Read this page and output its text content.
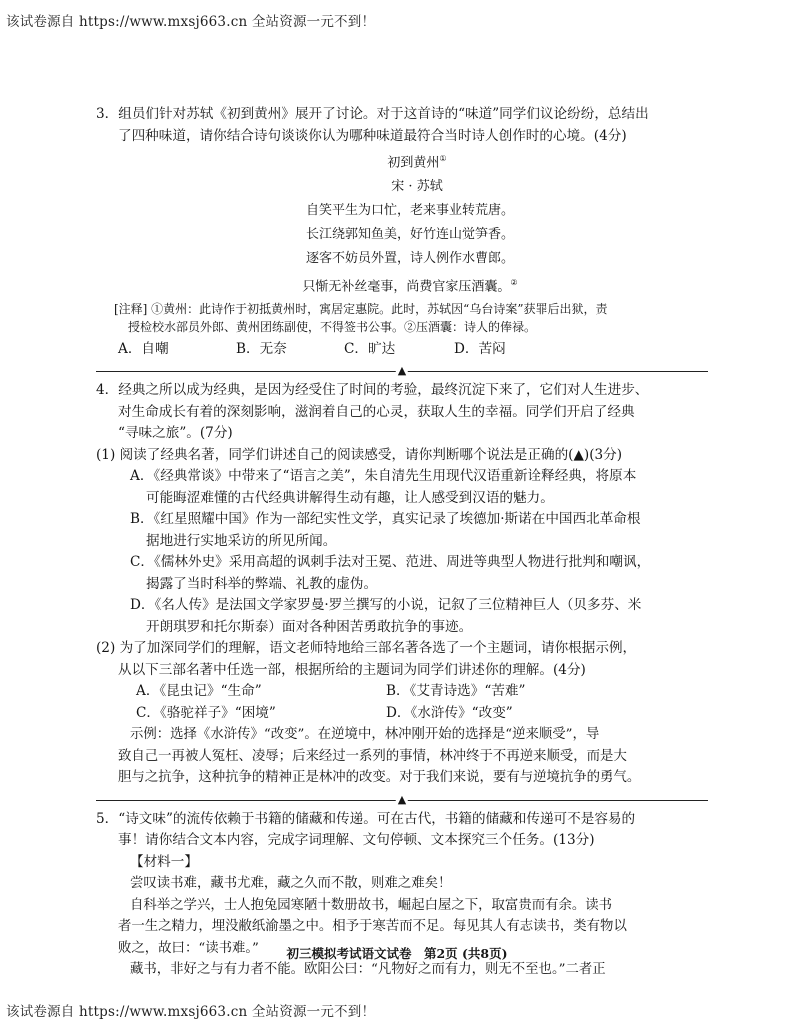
该试卷源自 https://www.mxsj663.cn 全站资源一元不到！
3．组员们针对苏轼《初到黄州》展开了讨论。对于这首诗的“味道”同学们议论纷纷，总结出
了四种味道，请你结合诗句谈谈你认为哪种味道最符合当时诗人创作时的心境。(4分)
初到黄州①
宋 · 苏轼
自笑平生为口忙，老来事业转荒唐。
长江绕郭知鱼美，好竹连山觉笋香。
逐客不妨员外置，诗人例作水曹郎。
只惭无补丝毫事，尚费官家压酒囊。②
[注释] ①黄州：此诗作于初抵黄州时，寓居定惠院。此时，苏轼因“乌台诗案”获罪后出狱，责
授检校水部员外郎、黄州团练副使，不得签书公事。②压酒囊：诗人的俸禄。
A．自嘲	B．无奈	C．旷达	D．苦闷
▲
4．经典之所以成为经典，是因为经受住了时间的考验，最终沉淀下来了，它们对人生进步、
对生命成长有着的深刻影响，滋润着自己的心灵，获取人生的幸福。同学们开启了经典
“寻味之旅”。(7分)
(1) 阅读了经典名著，同学们讲述自己的阅读感受，请你判断哪个说法是正确的(▲)(3分)
A．《经典常谈》中带来了“语言之美”，朱自清先生用现代汉语重新诠释经典，将原本
可能晦涩难懂的古代经典讲解得生动有趣，让人感受到汉语的魅力。
B．《红星照耀中国》作为一部纪实性文学，真实记录了埃德加·斯诺在中国西北革命根
据地进行实地采访的所见所闻。
C．《儒林外史》采用高超的讽刺手法对王冕、范进、周进等典型人物进行批判和嘲讽，
揭露了当时科举的弊端、礼教的虚伪。
D．《名人传》是法国文学家罗曼·罗兰撰写的小说，记叙了三位精神巨人（贝多芬、米
开朗琪罗和托尔斯泰）面对各种困苦勇敢抗争的事迹。
(2) 为了加深同学们的理解，语文老师特地给三部名著各选了一个主题词，请你根据示例，
从以下三部名著中任选一部，根据所给的主题词为同学们讲述你的理解。(4分)
A．《昆虫记》“生命”	B．《艾青诗选》“苦难”
C．《骆驼祥子》“困境”	D．《水浒传》“改变”
示例：选择《水浒传》“改变”。在逆境中，林冲刚开始的选择是“逆来顺受”，导
致自己一再被人冤枉、凌辱；后来经过一系列的事情，林冲终于不再逆来顺受，而是大
胆与之抗争，这种抗争的精神正是林冲的改变。对于我们来说，要有与逆境抗争的勇气。
▲
5．“诗文味”的流传依赖于书籍的储藏和传递。可在古代，书籍的储藏和传递可不是容易的
事！请你结合文本内容，完成字词理解、文句停顿、文本探究三个任务。(13分)
【材料一】
尝叹读书难，藏书尤难，藏之久而不散，则难之难矣！
自科举之学兴，士人抱兔园寒陋十数册故书，崛起白屋之下，取富贵而有余。读书
者一生之精力，埋没敝纸渝墨之中。相予于寒苦而不足。每见其人有志读书，类有物以
败之，故曰：“读书难。”
藏书，非好之与有力者不能。欧阳公曰：“凡物好之而有力，则无不至也。”二者正
初三模拟考试语文试卷　第2页 (共8页)
该试卷源自 https://www.mxsj663.cn 全站资源一元不到！
